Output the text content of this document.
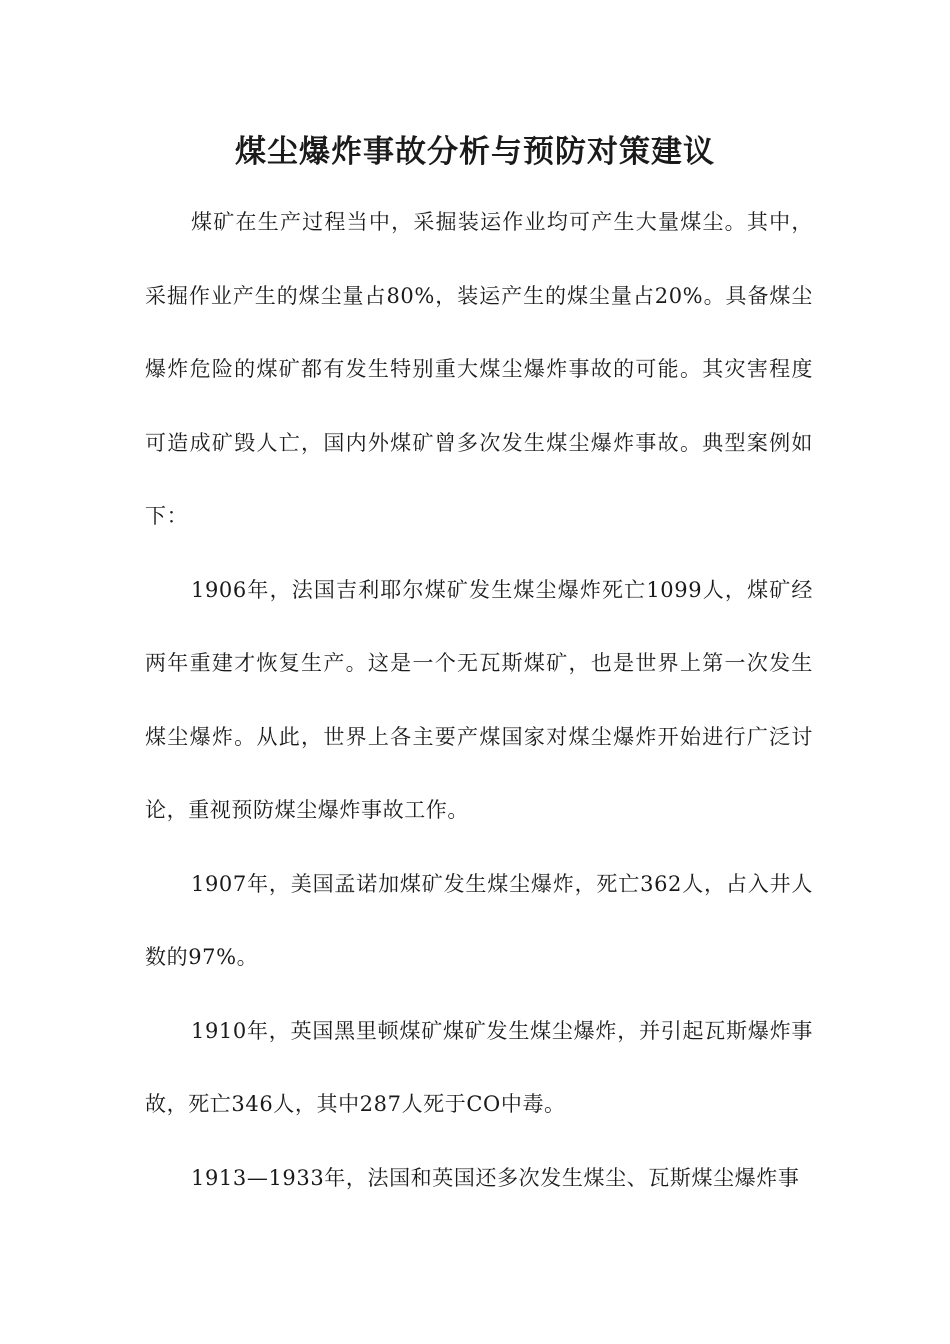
煤尘爆炸事故分析与预防对策建议

煤矿在生产过程当中，采掘装运作业均可产生大量煤尘。其中，采掘作业产生的煤尘量占80%，装运产生的煤尘量占20%。具备煤尘爆炸危险的煤矿都有发生特别重大煤尘爆炸事故的可能。其灾害程度可造成矿毁人亡，国内外煤矿曾多次发生煤尘爆炸事故。典型案例如下：

1906年，法国吉利耶尔煤矿发生煤尘爆炸死亡1099人，煤矿经两年重建才恢复生产。这是一个无瓦斯煤矿，也是世界上第一次发生煤尘爆炸。从此，世界上各主要产煤国家对煤尘爆炸开始进行广泛讨论，重视预防煤尘爆炸事故工作。

1907年，美国孟诺加煤矿发生煤尘爆炸，死亡362人，占入井人数的97%。

1910年，英国黑里顿煤矿煤矿发生煤尘爆炸，并引起瓦斯爆炸事故，死亡346人，其中287人死于CO中毒。

1913—1933年，法国和英国还多次发生煤尘、瓦斯煤尘爆炸事
